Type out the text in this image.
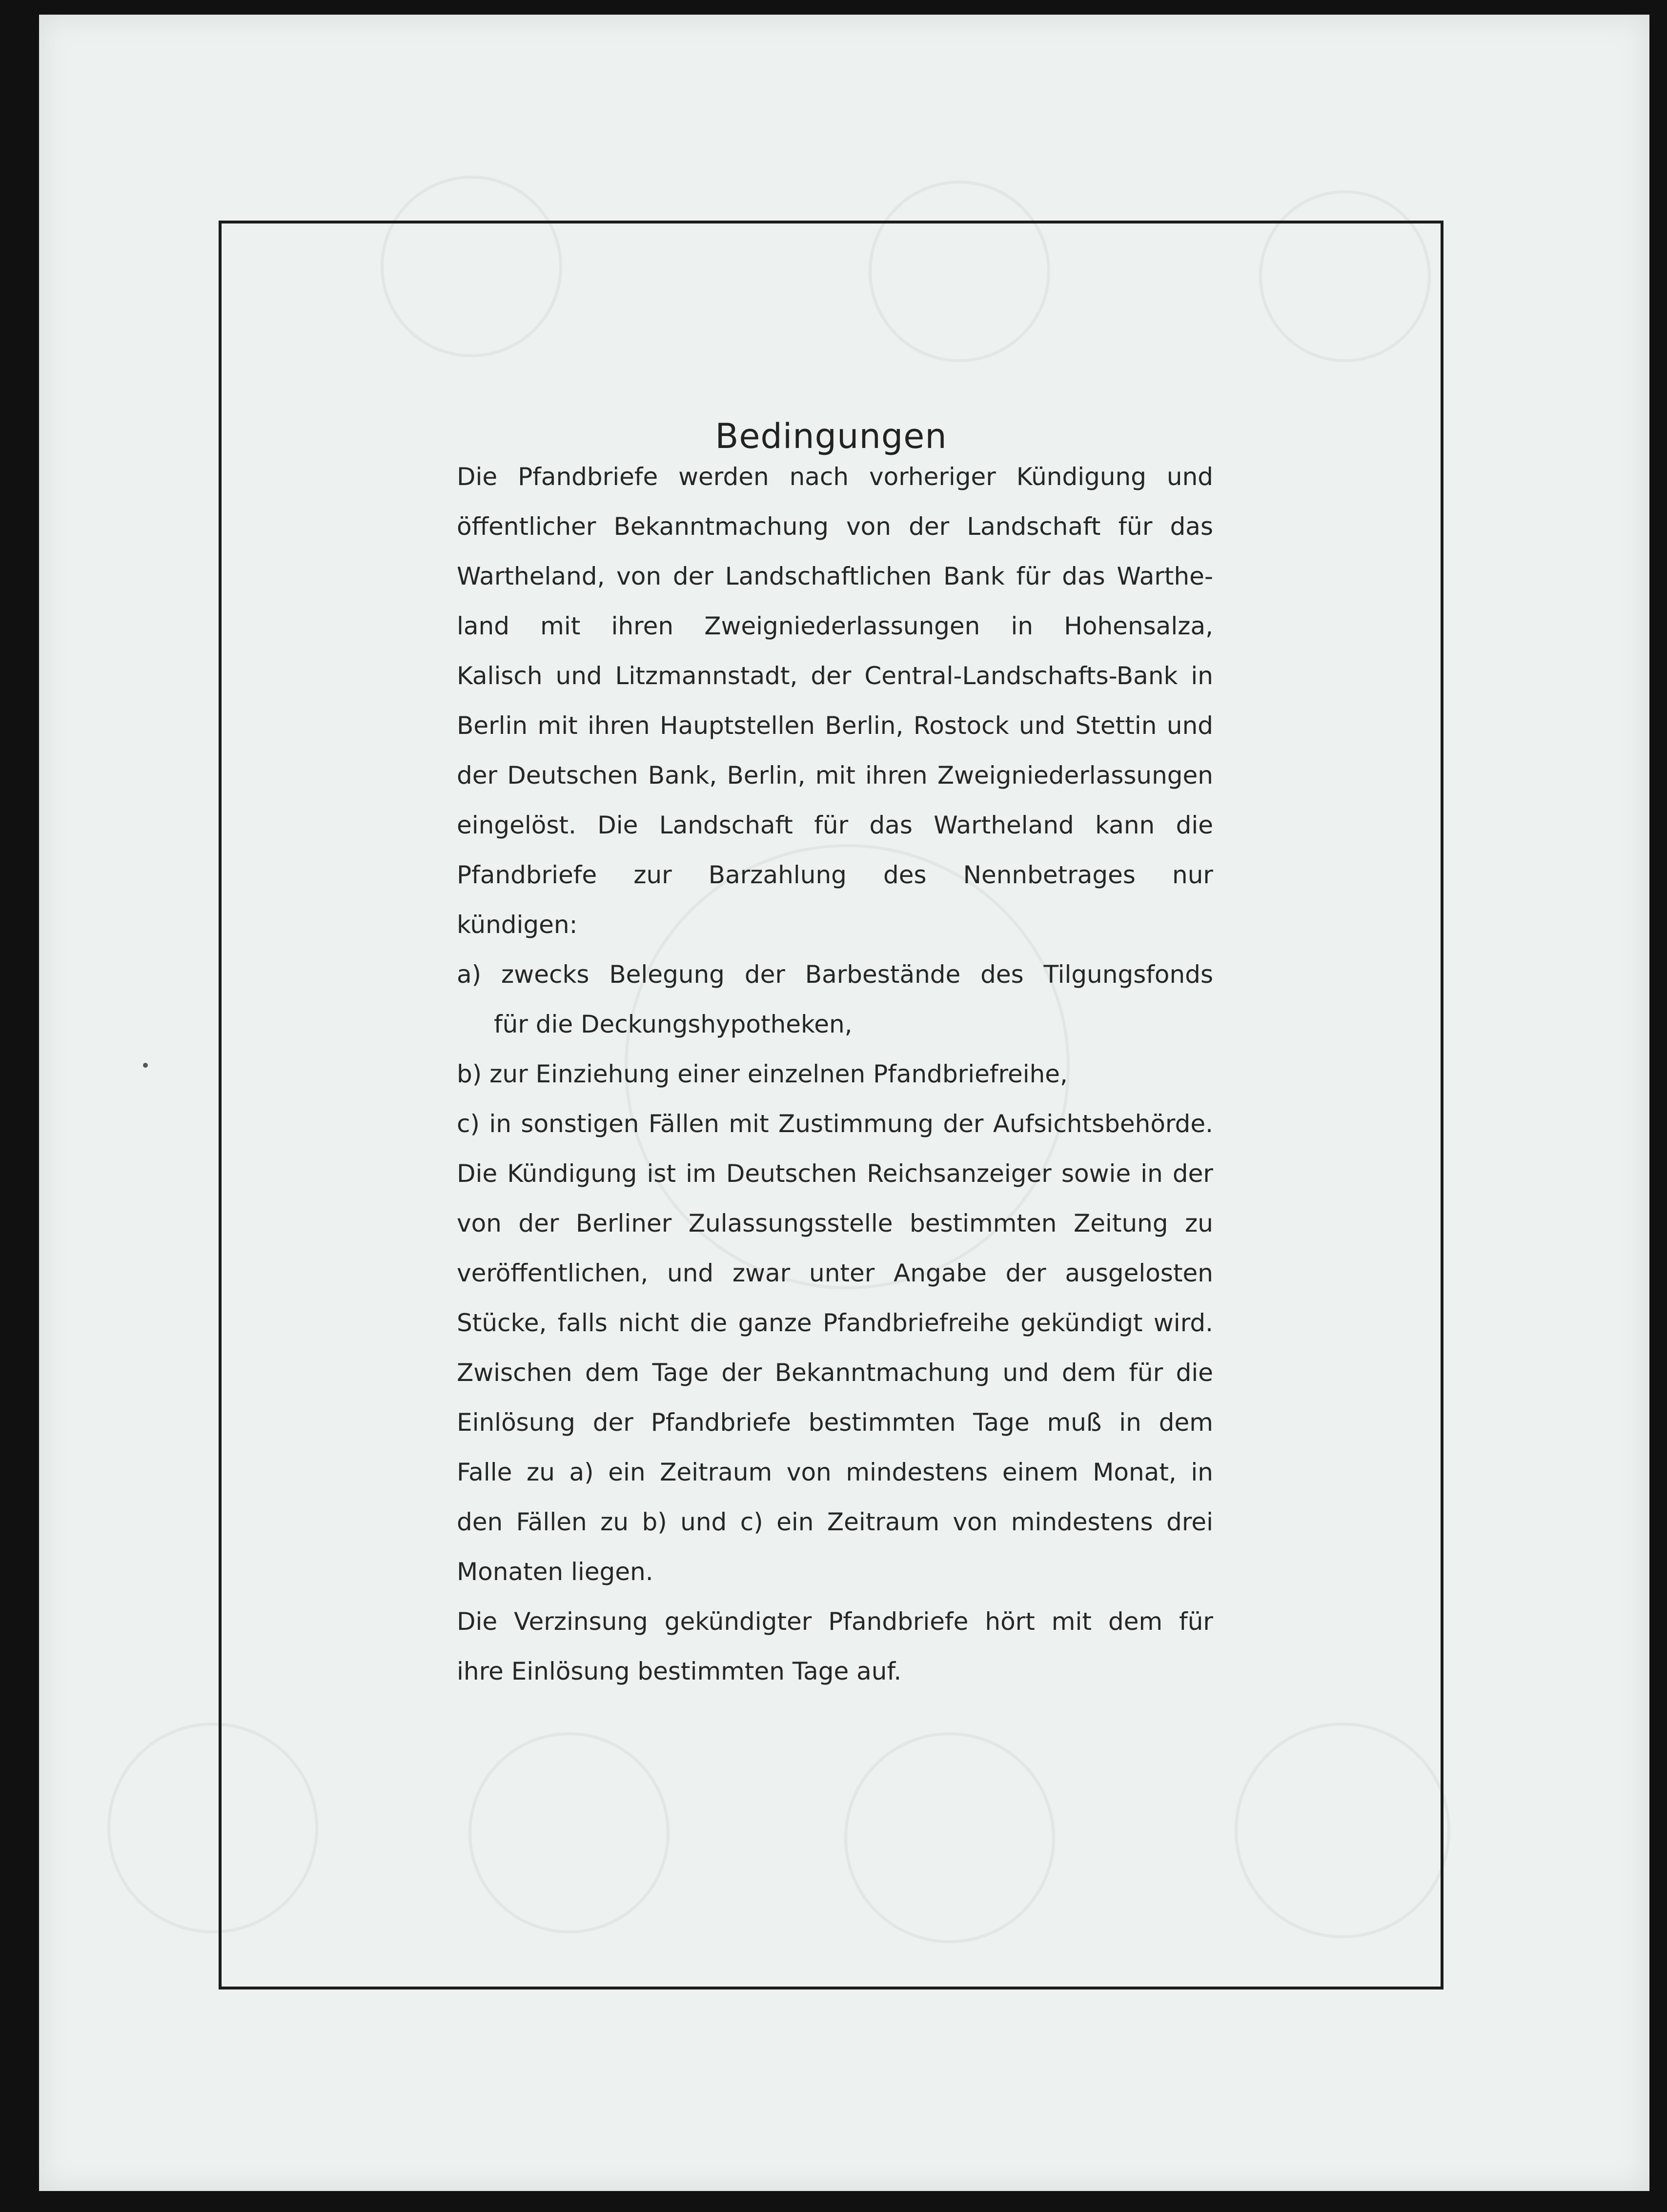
Bedingungen
Die Pfandbriefe werden nach vorheriger Kündigung und
öffentlicher Bekanntmachung von der Landschaft für das
Wartheland, von der Landschaftlichen Bank für das Warthe-
land mit ihren Zweigniederlassungen in Hohensalza,
Kalisch und Litzmannstadt, der Central-Landschafts-Bank in
Berlin mit ihren Hauptstellen Berlin, Rostock und Stettin und
der Deutschen Bank, Berlin, mit ihren Zweigniederlassungen
eingelöst. Die Landschaft für das Wartheland kann die
Pfandbriefe zur Barzahlung des Nennbetrages nur
kündigen:
a) zwecks Belegung der Barbestände des Tilgungsfonds
für die Deckungshypotheken,
b) zur Einziehung einer einzelnen Pfandbriefreihe,
c) in sonstigen Fällen mit Zustimmung der Aufsichtsbehörde.
Die Kündigung ist im Deutschen Reichsanzeiger sowie in der
von der Berliner Zulassungsstelle bestimmten Zeitung zu
veröffentlichen, und zwar unter Angabe der ausgelosten
Stücke, falls nicht die ganze Pfandbriefreihe gekündigt wird.
Zwischen dem Tage der Bekanntmachung und dem für die
Einlösung der Pfandbriefe bestimmten Tage muß in dem
Falle zu a) ein Zeitraum von mindestens einem Monat, in
den Fällen zu b) und c) ein Zeitraum von mindestens drei
Monaten liegen.
Die Verzinsung gekündigter Pfandbriefe hört mit dem für
ihre Einlösung bestimmten Tage auf.
